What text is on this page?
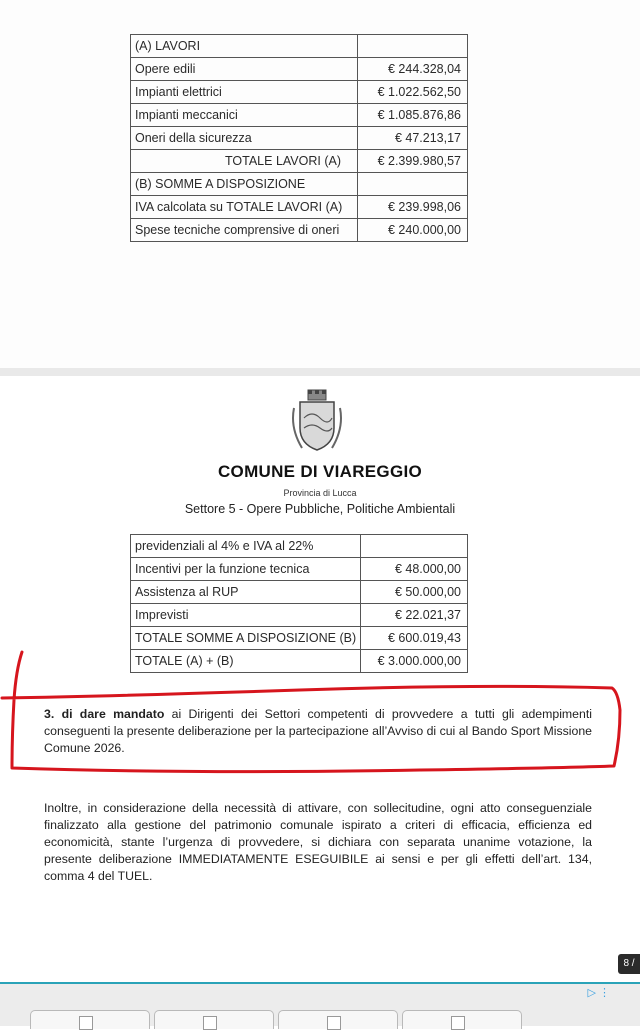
(A) LAVORI	
Opere edili	€ 244.328,04
Impianti elettrici	€ 1.022.562,50
Impianti meccanici	€ 1.085.876,86
Oneri della sicurezza	€ 47.213,17
TOTALE LAVORI (A)	€ 2.399.980,57
(B) SOMME A DISPOSIZIONE	
IVA calcolata su TOTALE LAVORI (A)	€ 239.998,06
Spese tecniche comprensive di oneri	€ 240.000,00
COMUNE DI VIAREGGIO
Provincia di Lucca
Settore 5 - Opere Pubbliche, Politiche Ambientali
previdenziali al 4% e IVA al 22%	
Incentivi per la funzione tecnica	€ 48.000,00
Assistenza al RUP	€ 50.000,00
Imprevisti	€ 22.021,37
TOTALE SOMME A DISPOSIZIONE (B)	€ 600.019,43
TOTALE (A) + (B)	€ 3.000.000,00
3. di dare mandato ai Dirigenti dei Settori competenti di provvedere a tutti gli adempimenti conseguenti la presente deliberazione per la partecipazione all’Avviso di cui al Bando Sport Missione Comune 2026.
Inoltre, in considerazione della necessità di attivare, con sollecitudine, ogni atto conseguenziale finalizzato alla gestione del patrimonio comunale ispirato a criteri di efficacia, efficienza ed economicità, stante l’urgenza di provvedere, si dichiara con separata unanime votazione, la presente deliberazione IMMEDIATAMENTE ESEGUIBILE ai sensi e per gli effetti dell’art. 134, comma 4 del TUEL.
8 /
▷ ⋮
